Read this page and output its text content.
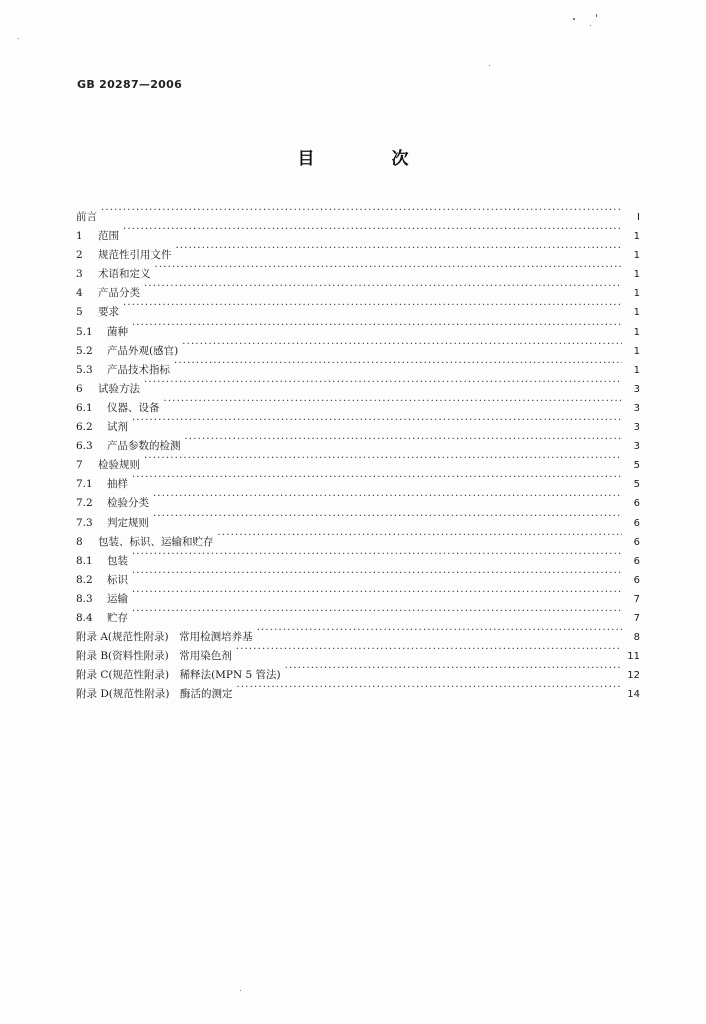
GB 20287—2006
目　次
前言 ·····	I
1	范围 ·····	1
2	规范性引用文件 ·····	1
3	术语和定义 ·····	1
4	产品分类 ·····	1
5	要求 ·····	1
5.1	菌种 ·····	1
5.2	产品外观(感官) ·····	1
5.3	产品技术指标 ·····	1
6	试验方法 ·····	3
6.1	仪器、设备 ·····	3
6.2	试剂 ·····	3
6.3	产品参数的检测 ·····	3
7	检验规则 ·····	5
7.1	抽样 ·····	5
7.2	检验分类 ·····	6
7.3	判定规则 ·····	6
8	包装、标识、运输和贮存 ·····	6
8.1	包装 ·····	6
8.2	标识 ·····	6
8.3	运输 ·····	7
8.4	贮存 ·····	7
附录 A(规范性附录)　常用检测培养基 ·····	8
附录 B(资料性附录)　常用染色剂 ·····	11
附录 C(规范性附录)　稀释法(MPN 5 管法) ·····	12
附录 D(规范性附录)　酶活的测定 ·····	14
